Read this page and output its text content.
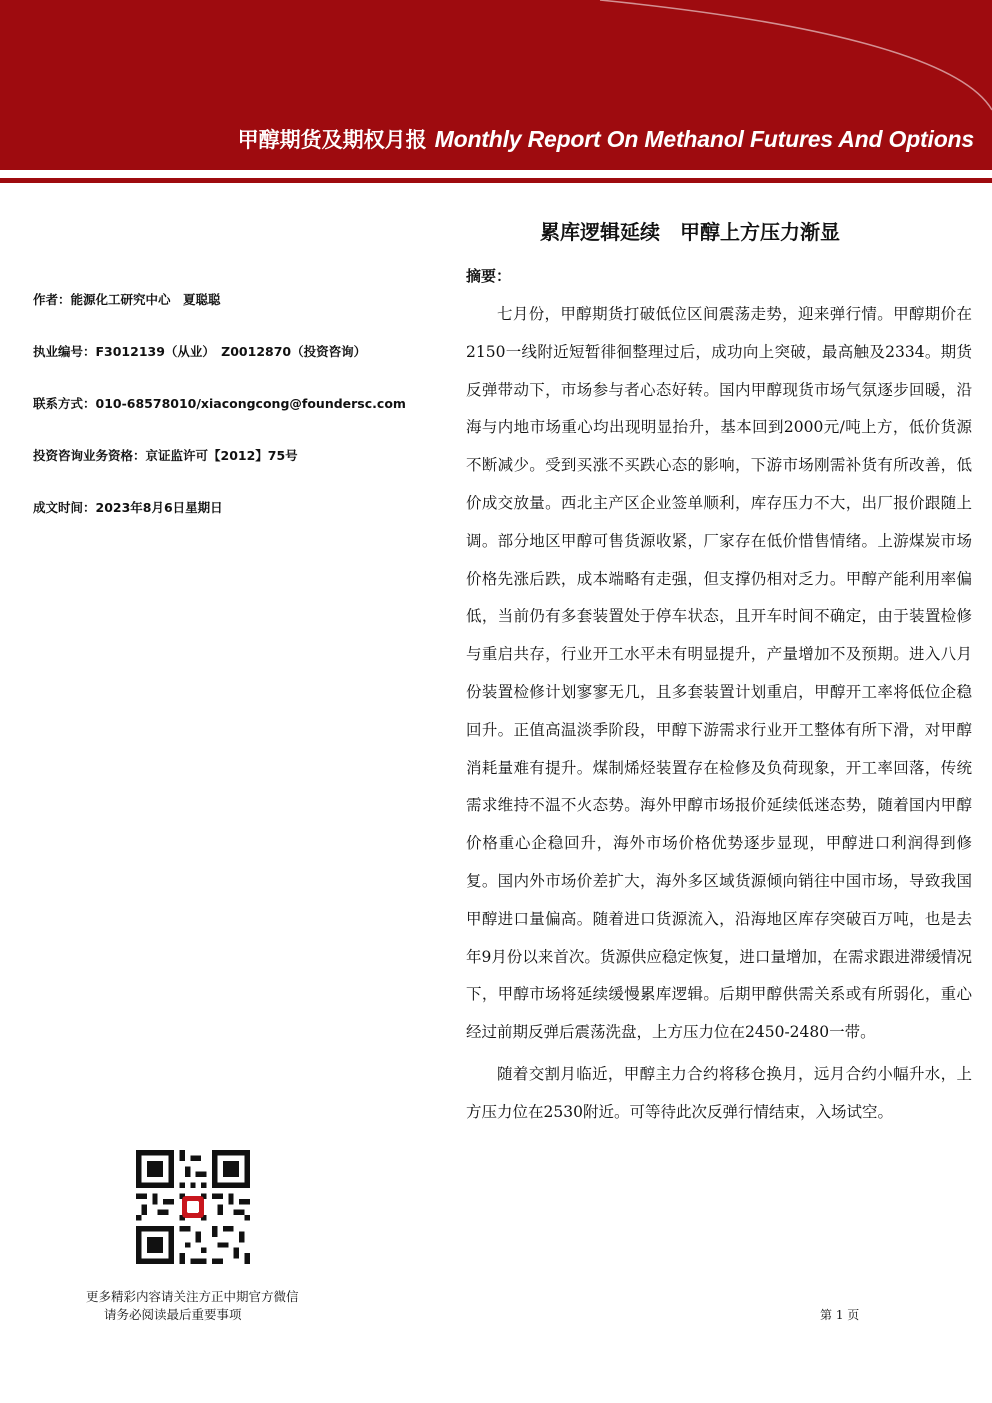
甲醇期货及期权月报 Monthly Report On Methanol Futures And Options
作者：能源化工研究中心　夏聪聪
执业编号：F3012139（从业）　Z0012870（投资咨询）
联系方式：010-68578010/xiacongcong@foundersc.com
投资咨询业务资格：京证监许可【2012】75号
成文时间：2023年8月6日星期日
累库逻辑延续　甲醇上方压力渐显
摘要：

七月份，甲醇期货打破低位区间震荡走势，迎来弹行情。甲醇期价在2150一线附近短暂徘徊整理过后，成功向上突破，最高触及2334。期货反弹带动下，市场参与者心态好转。国内甲醇现货市场气氛逐步回暖，沿海与内地市场重心均出现明显抬升，基本回到2000元/吨上方，低价货源不断减少。受到买涨不买跌心态的影响，下游市场刚需补货有所改善，低价成交放量。西北主产区企业签单顺利，库存压力不大，出厂报价跟随上调。部分地区甲醇可售货源收紧，厂家存在低价惜售情绪。上游煤炭市场价格先涨后跌，成本端略有走强，但支撑仍相对乏力。甲醇产能利用率偏低，当前仍有多套装置处于停车状态，且开车时间不确定，由于装置检修与重启共存，行业开工水平未有明显提升，产量增加不及预期。进入八月份装置检修计划寥寥无几，且多套装置计划重启，甲醇开工率将低位企稳回升。正值高温淡季阶段，甲醇下游需求行业开工整体有所下滑，对甲醇消耗量难有提升。煤制烯烃装置存在检修及负荷现象，开工率回落，传统需求维持不温不火态势。海外甲醇市场报价延续低迷态势，随着国内甲醇价格重心企稳回升，海外市场价格优势逐步显现，甲醇进口利润得到修复。国内外市场价差扩大，海外多区域货源倾向销往中国市场，导致我国甲醇进口量偏高。随着进口货源流入，沿海地区库存突破百万吨，也是去年9月份以来首次。货源供应稳定恢复，进口量增加，在需求跟进滞缓情况下，甲醇市场将延续缓慢累库逻辑。后期甲醇供需关系或有所弱化，重心经过前期反弹后震荡洗盘，上方压力位在2450-2480一带。

随着交割月临近，甲醇主力合约将移仓换月，远月合约小幅升水，上方压力位在2530附近。可等待此次反弹行情结束，入场试空。

更多精彩内容请关注方正中期官方微信
请务必阅读最后重要事项	第 1 页
